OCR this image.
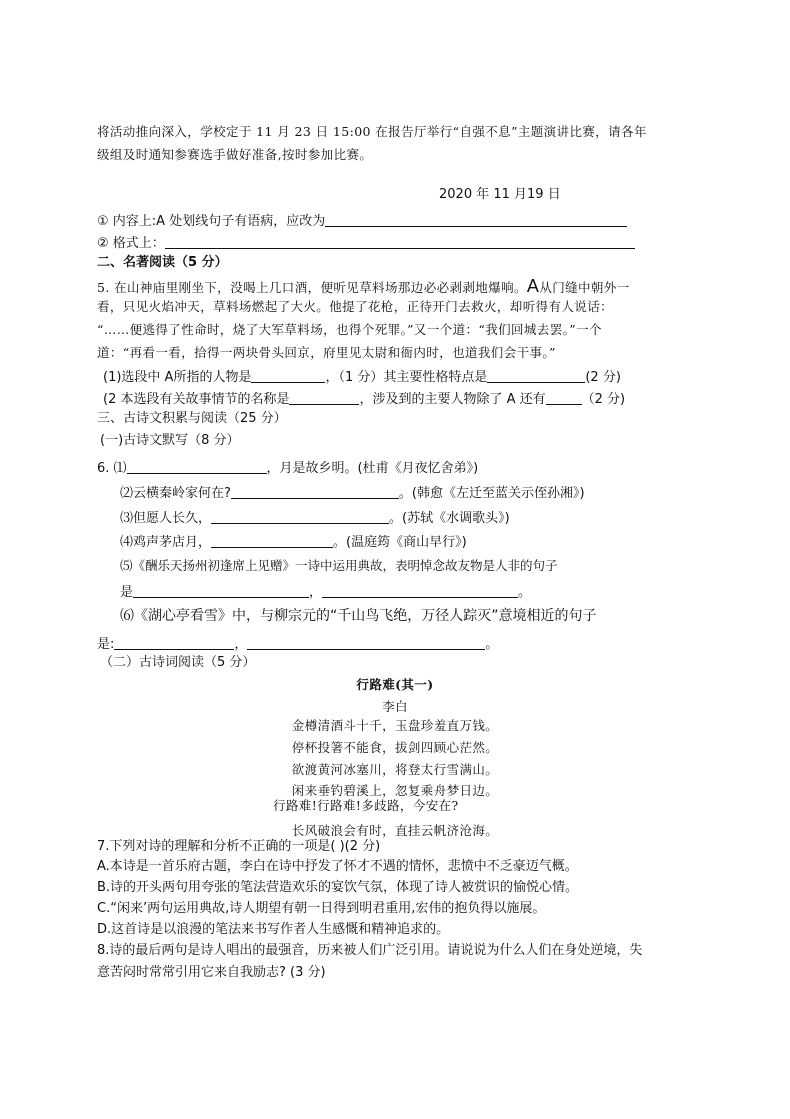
将活动推向深入，学校定于 11 月 23 日 15:00 在报告厅举行“自强不息”主题演讲比赛，请各年
级组及时通知参赛选手做好准备,按时参加比赛。
2020 年 11 月19 日
① 内容上:A 处划线句子有语病，应改为
② 格式上：
二、名著阅读（5 分）
5. 在山神庙里刚坐下，没喝上几口酒，便听见草料场那边必必剥剥地爆响。A从门缝中朝外一
看，只见火焰冲天，草料场燃起了大火。他提了花枪，正待开门去救火，却听得有人说话：
“……便逃得了性命时，烧了大军草料场，也得个死罪。”又一个道：“我们回城去罢。”一个
道：“再看一看，拾得一两块骨头回京，府里见太尉和衙内时，也道我们会干事。”
(1)选段中 A所指的人物是	，（1 分）其主要性格特点是	(2 分)
(2 本选段有关故事情节的名称是	，涉及到的主要人物除了 A 还有	（2 分)
三、古诗文积累与阅读（25 分）
(一)古诗文默写（8 分）
6. ⑴	，月是故乡明。(杜甫《月夜忆舍弟》)
⑵云横秦岭家何在?	。(韩愈《左迁至蓝关示侄孙湘》)
⑶但愿人长久，	。(苏轼《水调歌头》)
⑷鸡声茅店月，	。(温庭筠《商山早行》)
⑸《酬乐天扬州初逢席上见赠》一诗中运用典故，表明悼念故友物是人非的句子
是	，	。
⑹《湖心亭看雪》中，与柳宗元的“千山鸟飞绝，万径人踪灭”意境相近的句子
是:	，	。
（二）古诗词阅读（5 分）
行路难(其一)
李白
金樽清酒斗十千，玉盘珍羞直万钱。
停杯投箸不能食，拔剑四顾心茫然。
欲渡黄河冰塞川，将登太行雪满山。
闲来垂钓碧溪上，忽复乘舟梦日边。
行路难!行路难!多歧路，今安在?
长风破浪会有时，直挂云帆济沧海。
7.下列对诗的理解和分析不正确的一项是( )(2 分)
A.本诗是一首乐府古题，李白在诗中抒发了怀才不遇的情怀，悲愤中不乏豪迈气概。
B.诗的开头两句用夸张的笔法营造欢乐的宴饮气氛，体现了诗人被赏识的愉悦心情。
C.“闲来’两句运用典故,诗人期望有朝一日得到明君重用,宏伟的抱负得以施展。
D.这首诗是以浪漫的笔法来书写作者人生感慨和精神追求的。
8.诗的最后两句是诗人唱出的最强音，历来被人们广泛引用。请说说为什么人们在身处逆境，失
意苦闷时常常引用它来自我励志? (3 分)
